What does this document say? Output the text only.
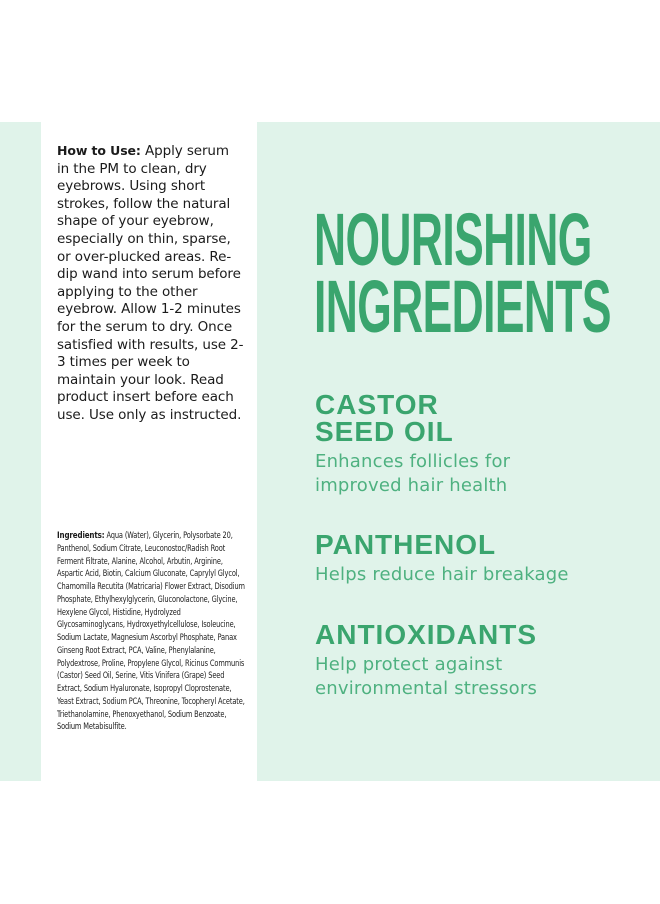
How to Use: Apply serum in the PM to clean, dry eyebrows. Using short strokes, follow the natural shape of your eyebrow, especially on thin, sparse, or over-plucked areas. Re-dip wand into serum before applying to the other eyebrow. Allow 1-2 minutes for the serum to dry. Once satisfied with results, use 2-3 times per week to maintain your look. Read product insert before each use. Use only as instructed.

Ingredients: Aqua (Water), Glycerin, Polysorbate 20, Panthenol, Sodium Citrate, Leuconostoc/Radish Root Ferment Filtrate, Alanine, Alcohol, Arbutin, Arginine, Aspartic Acid, Biotin, Calcium Gluconate, Caprylyl Glycol, Chamomilla Recutita (Matricaria) Flower Extract, Disodium Phosphate, Ethylhexylglycerin, Gluconolactone, Glycine, Hexylene Glycol, Histidine, Hydrolyzed Glycosaminoglycans, Hydroxyethylcellulose, Isoleucine, Sodium Lactate, Magnesium Ascorbyl Phosphate, Panax Ginseng Root Extract, PCA, Valine, Phenylalanine, Polydextrose, Proline, Propylene Glycol, Ricinus Communis (Castor) Seed Oil, Serine, Vitis Vinifera (Grape) Seed Extract, Sodium Hyaluronate, Isopropyl Cloprostenate, Yeast Extract, Sodium PCA, Threonine, Tocopheryl Acetate, Triethanolamine, Phenoxyethanol, Sodium Benzoate, Sodium Metabisulfite.

NOURISHING
INGREDIENTS

CASTOR
SEED OIL

Enhances follicles for
improved hair health

PANTHENOL

Helps reduce hair breakage

ANTIOXIDANTS

Help protect against
environmental stressors
